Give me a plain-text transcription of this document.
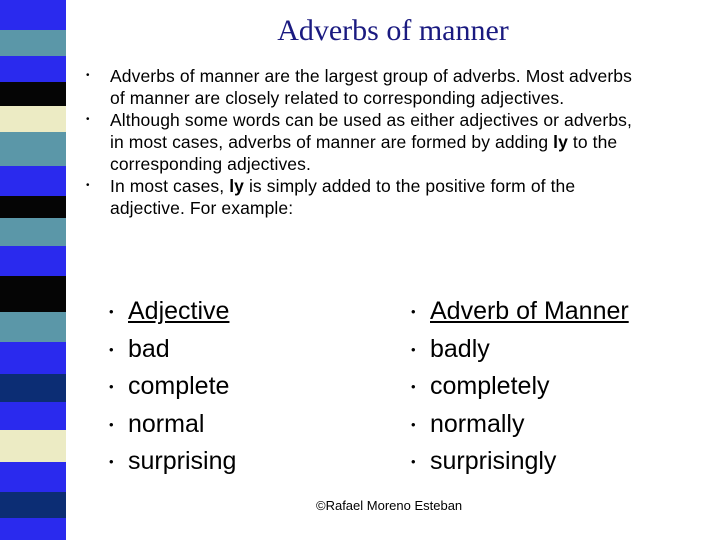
Adverbs of manner
• Adverbs of manner are the largest group of adverbs. Most adverbs of manner are closely related to corresponding adjectives.
• Although some words can be used as either adjectives or adverbs, in most cases, adverbs of manner are formed by adding ly to the corresponding adjectives.
• In most cases, ly is simply added to the positive form of the adjective. For example:
• Adjective
• bad
• complete
• normal
• surprising
• Adverb of Manner
• badly
• completely
• normally
• surprisingly
©Rafael Moreno Esteban
